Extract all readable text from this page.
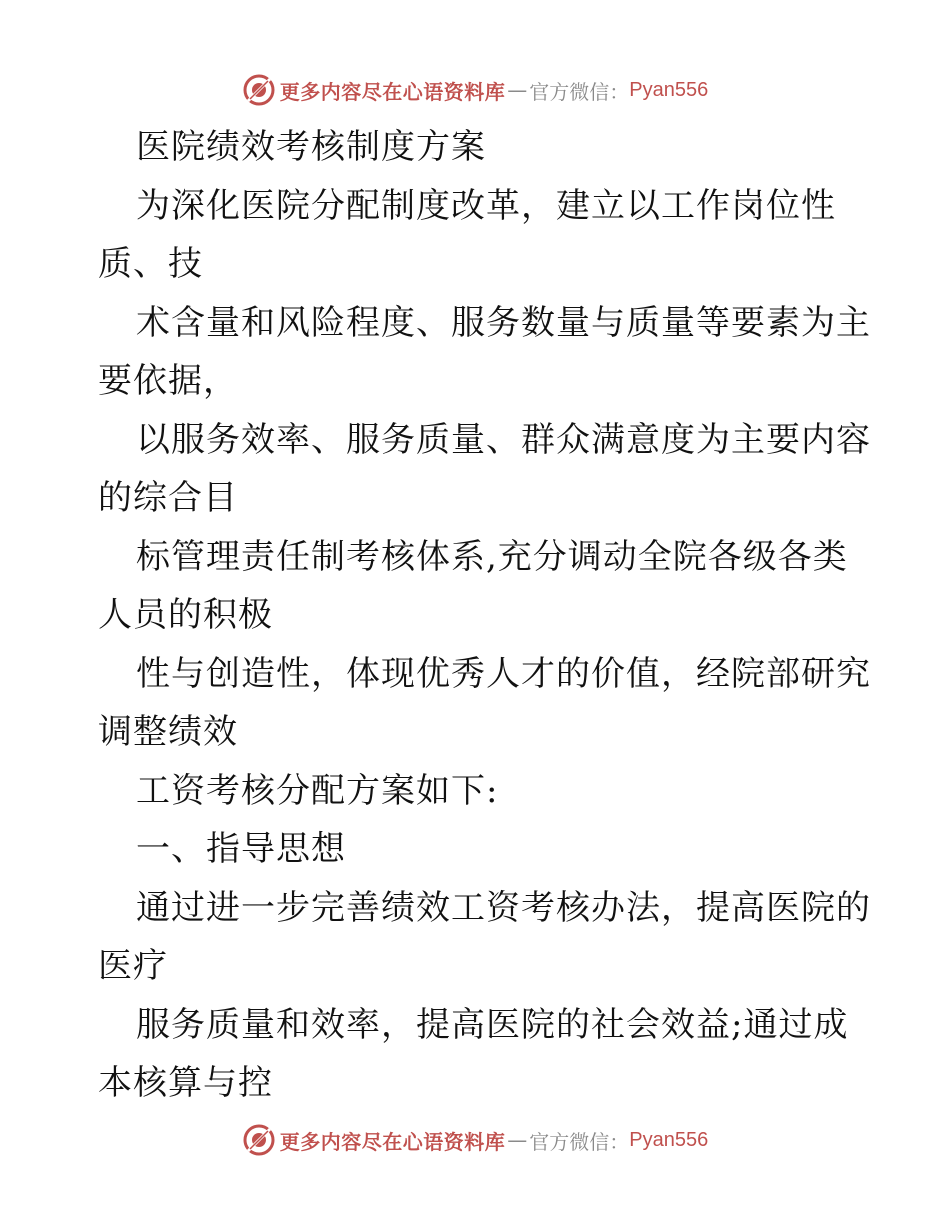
更多内容尽在心语资料库 — 官方微信： Pyan556
医院绩效考核制度方案
为深化医院分配制度改革，建立以工作岗位性
质、技
术含量和风险程度、服务数量与质量等要素为主
要依据，
以服务效率、服务质量、群众满意度为主要内容
的综合目
标管理责任制考核体系,充分调动全院各级各类
人员的积极
性与创造性，体现优秀人才的价值，经院部研究
调整绩效
工资考核分配方案如下:
一、指导思想
通过进一步完善绩效工资考核办法，提高医院的
医疗
服务质量和效率，提高医院的社会效益;通过成
本核算与控
更多内容尽在心语资料库 — 官方微信： Pyan556
